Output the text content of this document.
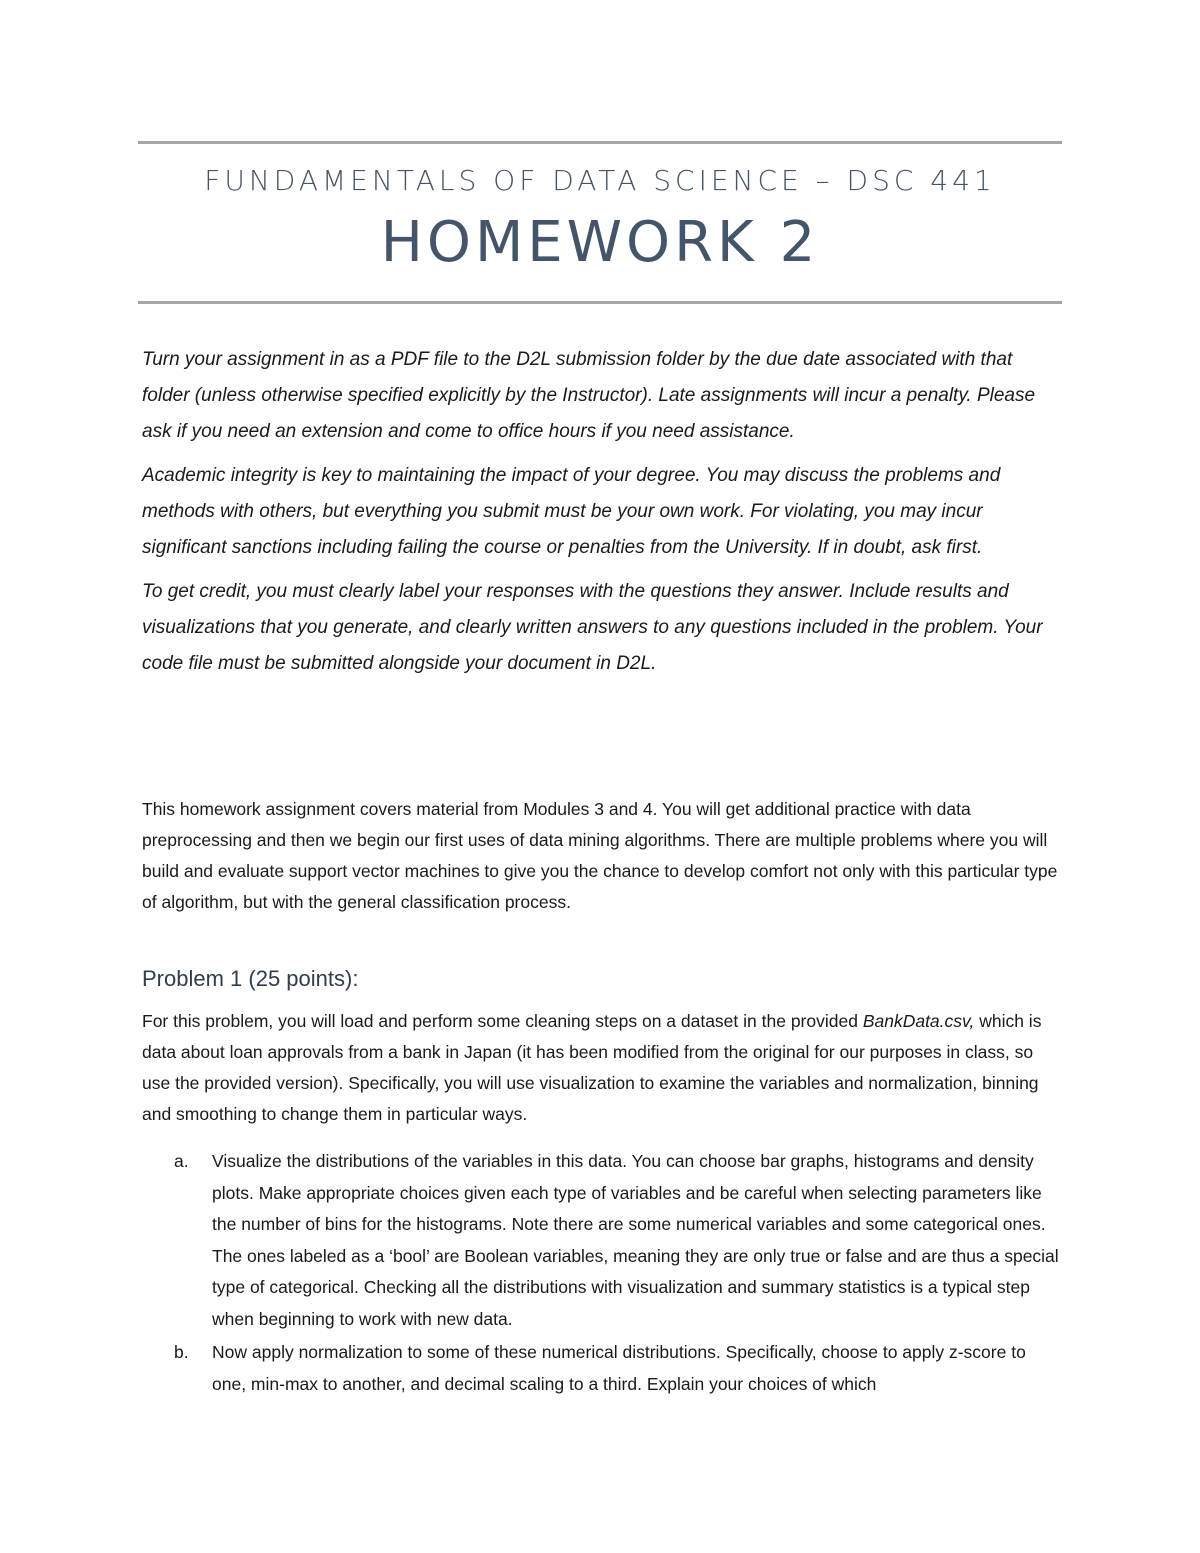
FUNDAMENTALS OF DATA SCIENCE – DSC 441
HOMEWORK 2

Turn your assignment in as a PDF file to the D2L submission folder by the due date associated with that folder (unless otherwise specified explicitly by the Instructor). Late assignments will incur a penalty. Please ask if you need an extension and come to office hours if you need assistance.

Academic integrity is key to maintaining the impact of your degree. You may discuss the problems and methods with others, but everything you submit must be your own work. For violating, you may incur significant sanctions including failing the course or penalties from the University. If in doubt, ask first.

To get credit, you must clearly label your responses with the questions they answer. Include results and visualizations that you generate, and clearly written answers to any questions included in the problem. Your code file must be submitted alongside your document in D2L.

This homework assignment covers material from Modules 3 and 4. You will get additional practice with data preprocessing and then we begin our first uses of data mining algorithms. There are multiple problems where you will build and evaluate support vector machines to give you the chance to develop comfort not only with this particular type of algorithm, but with the general classification process.

Problem 1 (25 points):

For this problem, you will load and perform some cleaning steps on a dataset in the provided BankData.csv, which is data about loan approvals from a bank in Japan (it has been modified from the original for our purposes in class, so use the provided version). Specifically, you will use visualization to examine the variables and normalization, binning and smoothing to change them in particular ways.

a. Visualize the distributions of the variables in this data. You can choose bar graphs, histograms and density plots. Make appropriate choices given each type of variables and be careful when selecting parameters like the number of bins for the histograms. Note there are some numerical variables and some categorical ones. The ones labeled as a ‘bool’ are Boolean variables, meaning they are only true or false and are thus a special type of categorical. Checking all the distributions with visualization and summary statistics is a typical step when beginning to work with new data.
b. Now apply normalization to some of these numerical distributions. Specifically, choose to apply z-score to one, min-max to another, and decimal scaling to a third. Explain your choices of which
